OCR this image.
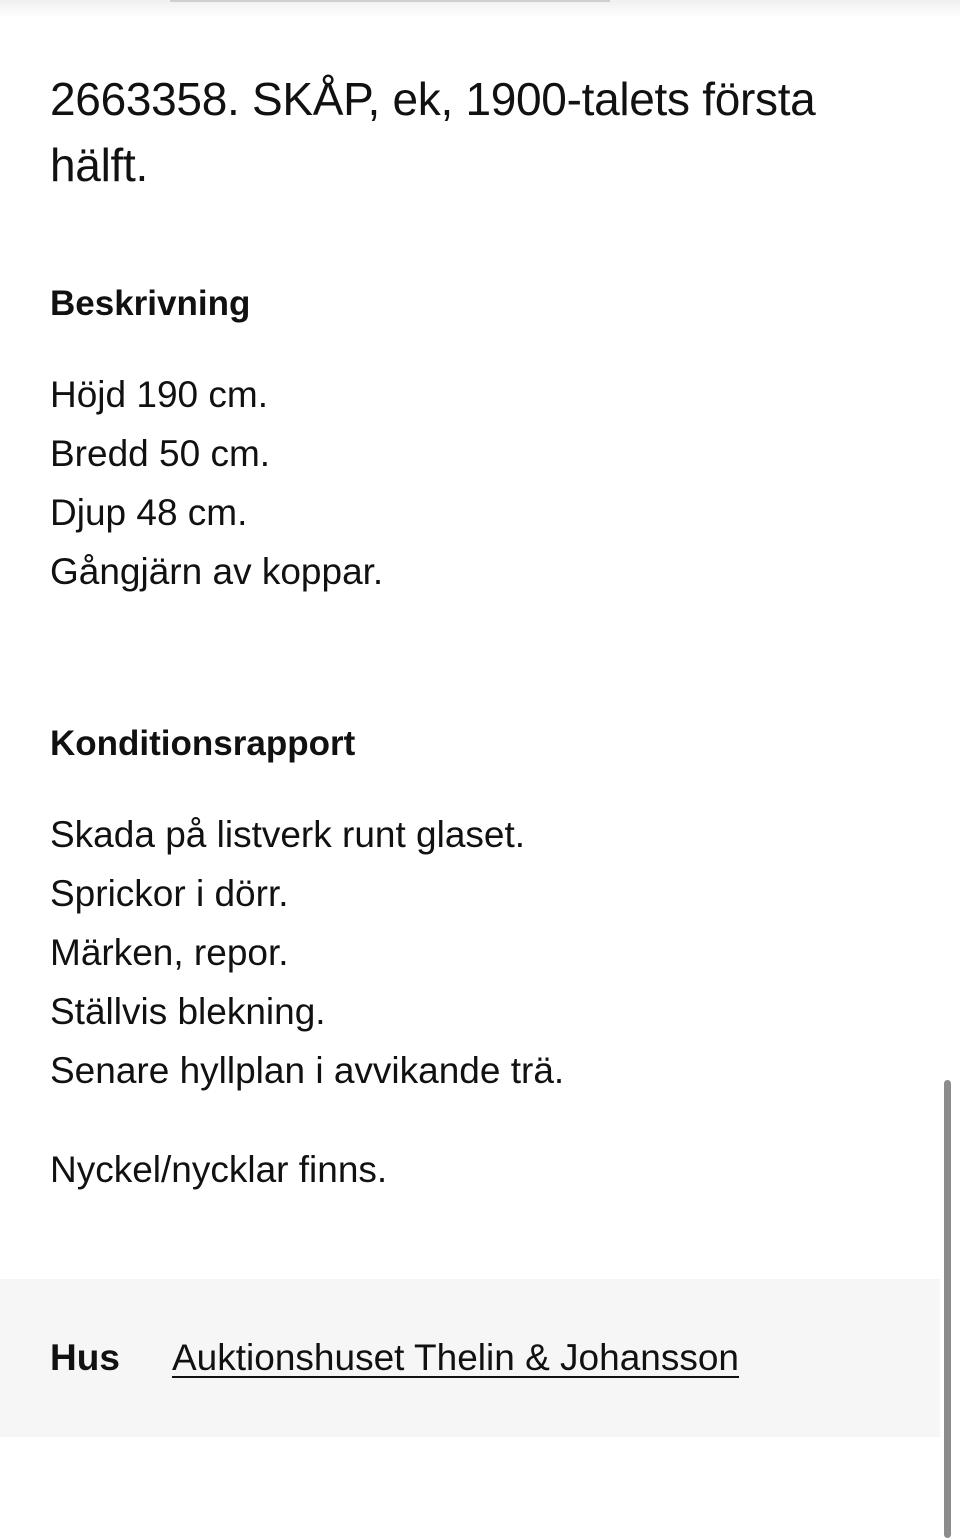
2663358. SKÅP, ek, 1900-talets första hälft.
Beskrivning
Höjd 190 cm.
Bredd 50 cm.
Djup 48 cm.
Gångjärn av koppar.
Konditionsrapport
Skada på listverk runt glaset.
Sprickor i dörr.
Märken, repor.
Ställvis blekning.
Senare hyllplan i avvikande trä.

Nyckel/nycklar finns.

Hus Auktionshuset Thelin & Johansson
